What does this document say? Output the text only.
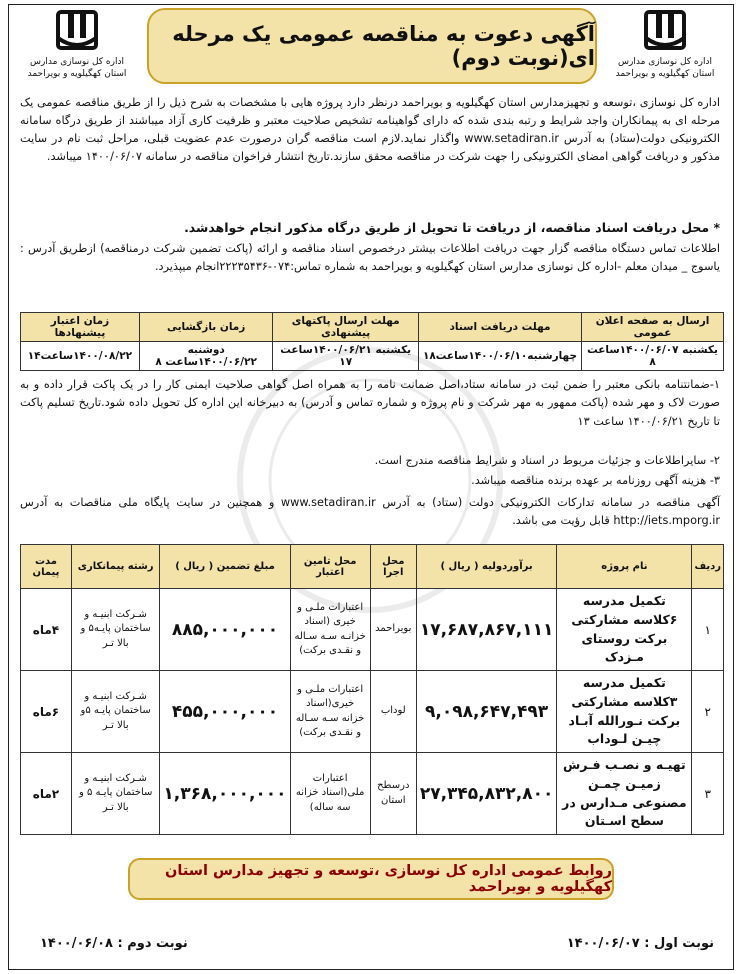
اداره کل نوسازی مدارس
استان کهگیلویه و بویراحمد
اداره کل نوسازی مدارس
استان کهگیلویه و بویراحمد
آگهی دعوت به مناقصه عمومی یک مرحله ای(نوبت دوم)
اداره کل نوسازی ،توسعه و تجهیزمدارس استان کهگیلویه و بویراحمد درنظر دارد پروژه هایی با مشخصات به شرح ذیل را از طریق مناقصه عمومی یک مرحله ای به پیمانکاران واجد شرایط و رتبه بندی شده که دارای گواهینامه تشخیص صلاحیت معتبر و ظرفیت کاری آزاد میباشند از طریق درگاه سامانه الکترونیکی دولت(ستاد) به آدرس www.setadiran.ir واگذار نماید.لازم است مناقصه گران درصورت عدم عضویت قبلی، مراحل ثبت نام در سایت مذکور و دریافت گواهی امضای الکترونیکی را جهت شرکت در مناقصه محقق سازند.تاریخ انتشار فراخوان مناقصه در سامانه ۱۴۰۰/۰۶/۰۷ میباشد.
* محل دریافت اسناد مناقصه، از دریافت تا تحویل از طریق درگاه مذکور انجام خواهدشد.
اطلاعات تماس دستگاه مناقصه گزار جهت دریافت اطلاعات بیشتر درخصوص اسناد مناقصه و ارائه (پاکت تضمین شرکت درمناقصه) ازطریق آدرس : یاسوج _ میدان معلم -اداره کل نوسازی مدارس استان کهگیلویه و بویراحمد به شماره تماس:۰۷۴-۲۲۲۳۵۴۳۶انجام میپذیرد.
ارسال به صفحه اعلان عمومی	مهلت دریافت اسناد	مهلت ارسال پاکتهای پیشنهادی	زمان بازگشایی	زمان اعتبار پیشنهادها
یکشنبه ۱۴۰۰/۰۶/۰۷ساعت ۸	چهارشنبه۱۴۰۰/۰۶/۱۰ساعت۱۸	یکشنبه ۱۴۰۰/۰۶/۲۱ساعت ۱۷	دوشنبه ۱۴۰۰/۰۶/۲۲ساعت ۸	۱۴۰۰/۰۸/۲۲ساعت۱۴
۱-ضمانتنامه بانکی معتبر را ضمن ثبت در سامانه ستاد،اصل ضمانت نامه را به همراه اصل گواهی صلاحیت ایمنی کار را در یک پاکت قرار داده و به صورت لاک و مهر شده (پاکت ممهور به مهر شرکت و نام پروژه و شماره تماس و آدرس) به دبیرخانه این اداره کل تحویل داده شود.تاریخ تسلیم پاکت تا تاریخ ۱۴۰۰/۰۶/۲۱ ساعت ۱۳
۲- سایراطلاعات و جزئیات مربوط در اسناد و شرایط مناقصه مندرج است.
۳- هزینه آگهی روزنامه بر عهده برنده مناقصه میباشد.
آگهی مناقصه در سامانه تدارکات الکترونیکی دولت (ستاد) به آدرس www.setadiran.ir و همچنین در سایت پایگاه ملی مناقصات به آدرس http://iets.mporg.ir قابل رؤیت می باشد.
ردیف	نام پروژه	برآوردولیه ( ریال )	محل اجرا	محل تامین اعتبار	مبلغ تضمین ( ریال )	رشته پیمانکاری	مدت پیمان
۱	تکمیل مدرسه ۶کلاسه مشارکتی برکت روستای مـزدک	۱۷,۶۸۷,۸۶۷,۱۱۱	بویراحمد	اعتبارات ملـی و خیری (اسناد خزانـه سـه سـاله و نقـدی برکت)	۸۸۵,۰۰۰,۰۰۰	شـرکت ابنیـه و ساختمان پایـه۵ و بالا تـر	۴ماه
۲	تکمیل مدرسه ۳کلاسه مشارکتی برکت نـورالله آبـاد چیـن لـوداب	۹,۰۹۸,۶۴۷,۴۹۳	لوداب	اعتبارات ملـی و خیری(اسناد خزانه سـه سـاله و نقـدی برکت)	۴۵۵,۰۰۰,۰۰۰	شـرکت ابنیـه و ساختمان پایـه ۵و بالا تـر	۶ماه
۳	تهیـه و نصـب فـرش زمیـن چمـن مصنوعی مـدارس در سطح اسـتان	۲۷,۳۴۵,۸۳۲,۸۰۰	درسطح استان	اعتبارات ملی(اسناد خزانه سه ساله)	۱,۳۶۸,۰۰۰,۰۰۰	شـرکت ابنیـه و ساختمان پایـه ۵ و بالا تـر	۲ماه
روابط عمومی اداره کل نوسازی ،توسعه و تجهیز مدارس استان کهگیلویه و بویراحمد
نوبت اول : ۱۴۰۰/۰۶/۰۷
نوبت دوم : ۱۴۰۰/۰۶/۰۸
